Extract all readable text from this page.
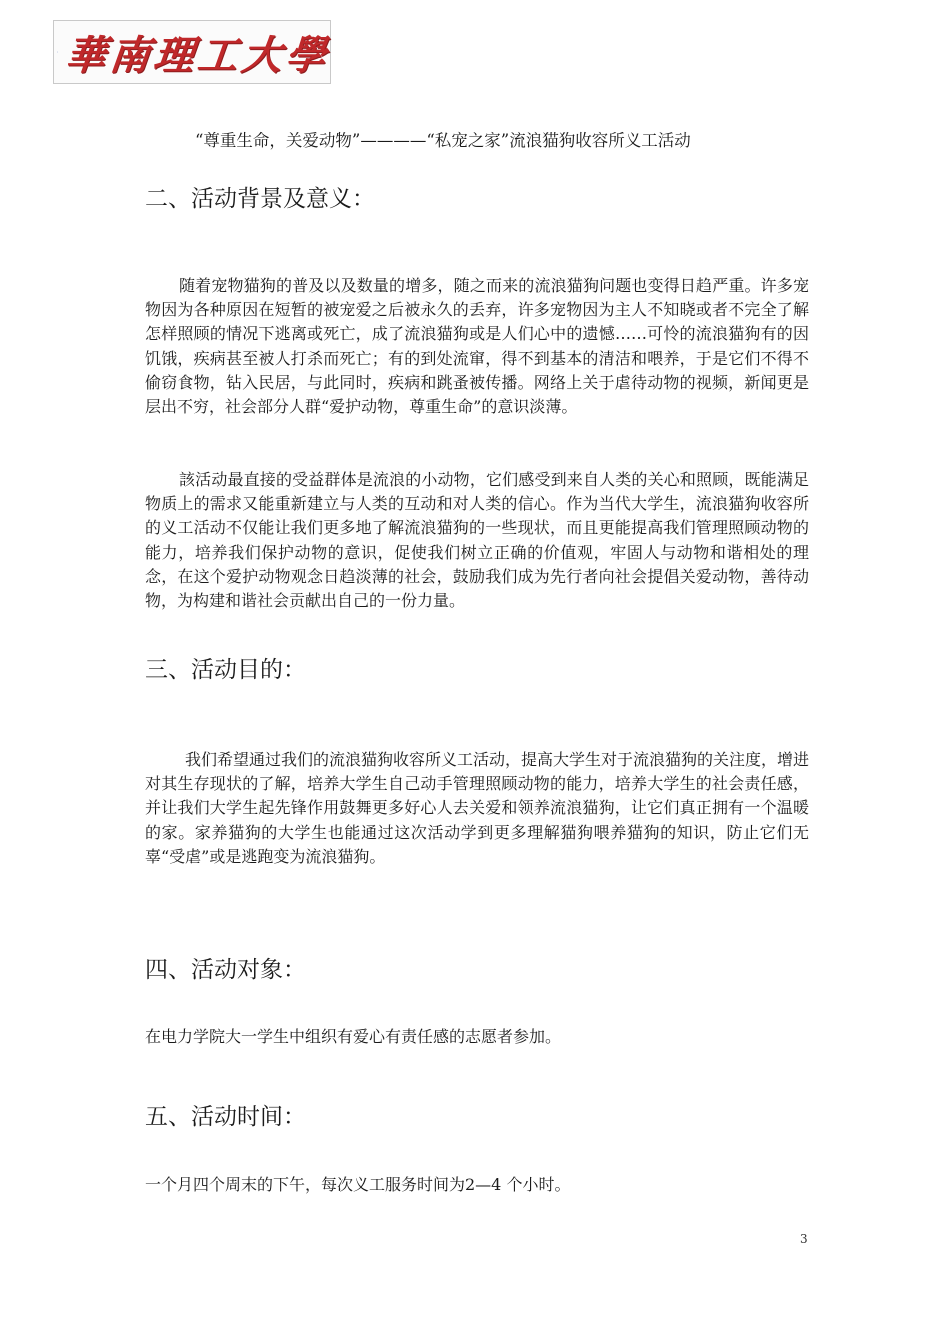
華南理工大學
“尊重生命，关爱动物”————“私宠之家”流浪猫狗收容所义工活动
二、活动背景及意义：

随着宠物猫狗的普及以及数量的增多，随之而来的流浪猫狗问题也变得日趋严重。许多宠物因为各种原因在短暂的被宠爱之后被永久的丢弃，许多宠物因为主人不知晓或者不完全了解怎样照顾的情况下逃离或死亡，成了流浪猫狗或是人们心中的遗憾……可怜的流浪猫狗有的因饥饿，疾病甚至被人打杀而死亡；有的到处流窜，得不到基本的清洁和喂养，于是它们不得不偷窃食物，钻入民居，与此同时，疾病和跳蚤被传播。网络上关于虐待动物的视频，新闻更是层出不穷，社会部分人群“爱护动物，尊重生命”的意识淡薄。

該活动最直接的受益群体是流浪的小动物，它们感受到来自人类的关心和照顾，既能满足物质上的需求又能重新建立与人类的互动和对人类的信心。作为当代大学生，流浪猫狗收容所的义工活动不仅能让我们更多地了解流浪猫狗的一些现状，而且更能提高我们管理照顾动物的能力，培养我们保护动物的意识，促使我们树立正确的价值观，牢固人与动物和谐相处的理念，在这个爱护动物观念日趋淡薄的社会，鼓励我们成为先行者向社会提倡关爱动物，善待动物，为构建和谐社会贡献出自己的一份力量。

三、活动目的：

我们希望通过我们的流浪猫狗收容所义工活动，提高大学生对于流浪猫狗的关注度，增进对其生存现状的了解，培养大学生自己动手管理照顾动物的能力，培养大学生的社会责任感，并让我们大学生起先锋作用鼓舞更多好心人去关爱和领养流浪猫狗，让它们真正拥有一个温暖的家。家养猫狗的大学生也能通过这次活动学到更多理解猫狗喂养猫狗的知识，防止它们无辜“受虐”或是逃跑变为流浪猫狗。

四、活动对象：
在电力学院大一学生中组织有爱心有责任感的志愿者参加。
五、活动时间：
一个月四个周末的下午，每次义工服务时间为2—4 个小时。
3
